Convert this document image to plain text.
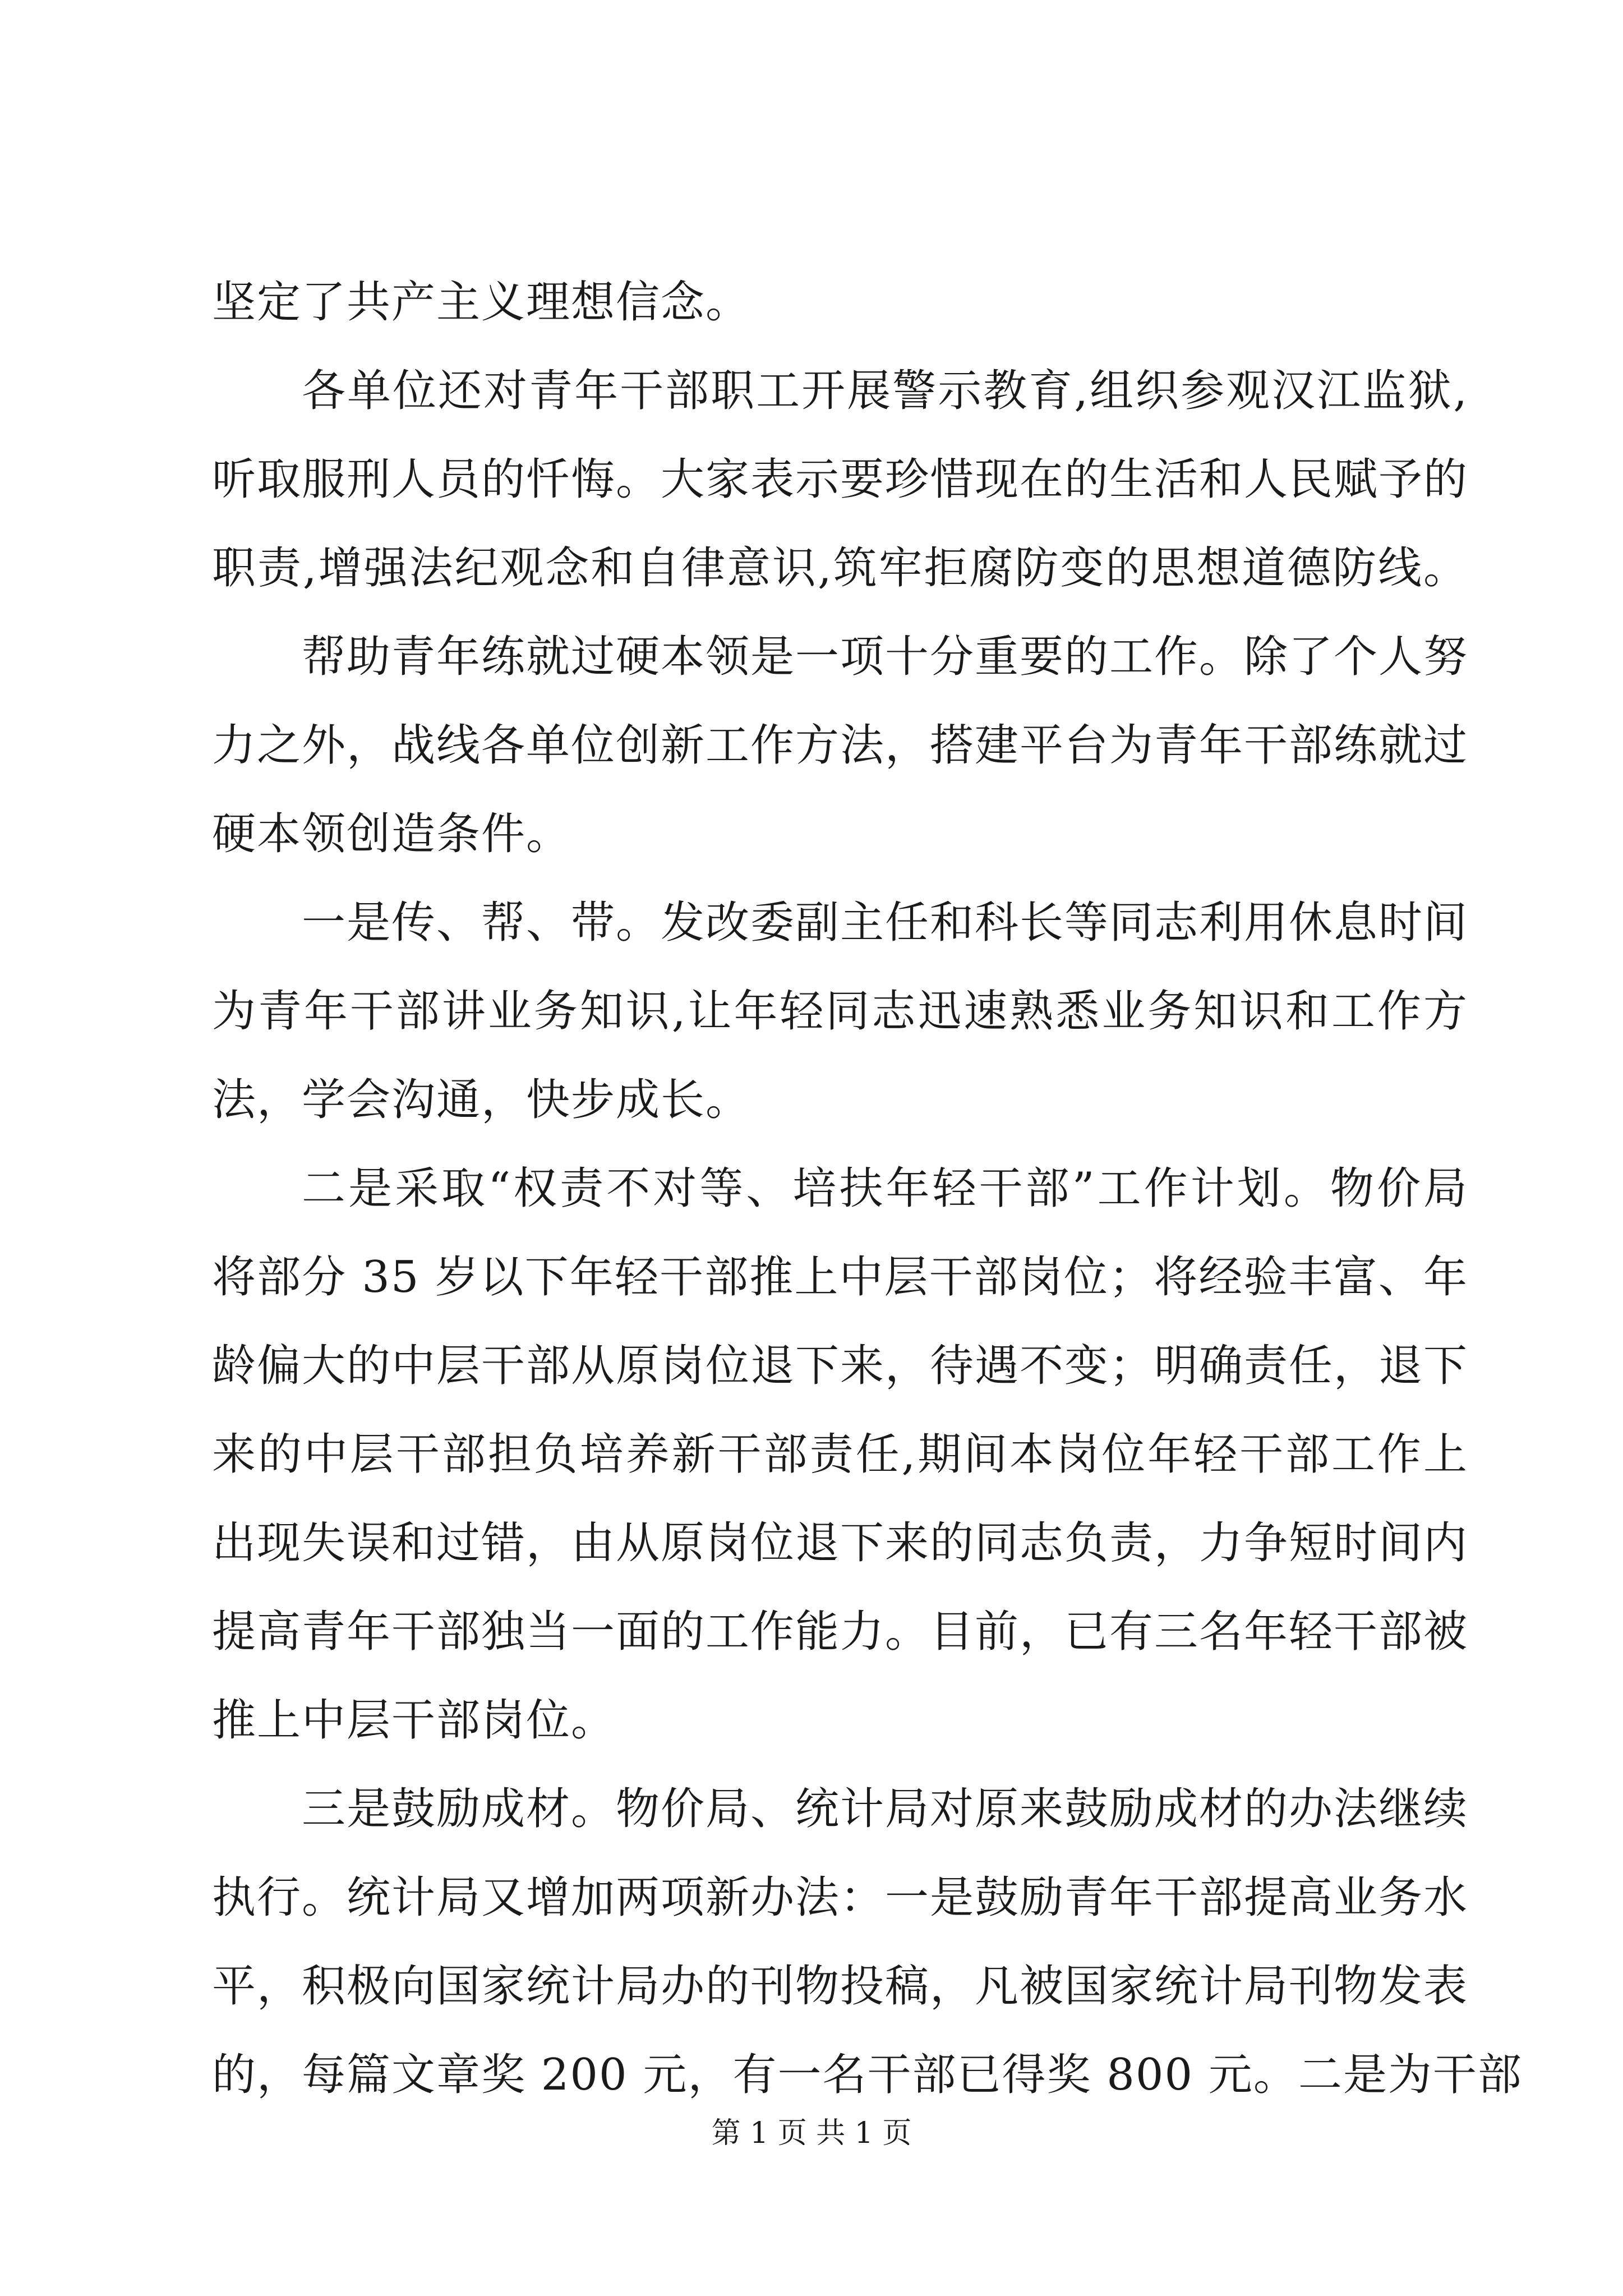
坚定了共产主义理想信念。
各单位还对青年干部职工开展警示教育,组织参观汉江监狱,
听取服刑人员的忏悔。大家表示要珍惜现在的生活和人民赋予的
职责,增强法纪观念和自律意识,筑牢拒腐防变的思想道德防线。
帮助青年练就过硬本领是一项十分重要的工作。除了个人努
力之外，战线各单位创新工作方法，搭建平台为青年干部练就过
硬本领创造条件。
一是传、帮、带。发改委副主任和科长等同志利用休息时间
为青年干部讲业务知识,让年轻同志迅速熟悉业务知识和工作方
法，学会沟通，快步成长。
二是采取“权责不对等、培扶年轻干部”工作计划。物价局
将部分 35 岁以下年轻干部推上中层干部岗位；将经验丰富、年
龄偏大的中层干部从原岗位退下来，待遇不变；明确责任，退下
来的中层干部担负培养新干部责任,期间本岗位年轻干部工作上
出现失误和过错，由从原岗位退下来的同志负责，力争短时间内
提高青年干部独当一面的工作能力。目前，已有三名年轻干部被
推上中层干部岗位。
三是鼓励成材。物价局、统计局对原来鼓励成材的办法继续
执行。统计局又增加两项新办法：一是鼓励青年干部提高业务水
平，积极向国家统计局办的刊物投稿，凡被国家统计局刊物发表
的，每篇文章奖 200 元，有一名干部已得奖 800 元。二是为干部
第 1 页 共 1 页
